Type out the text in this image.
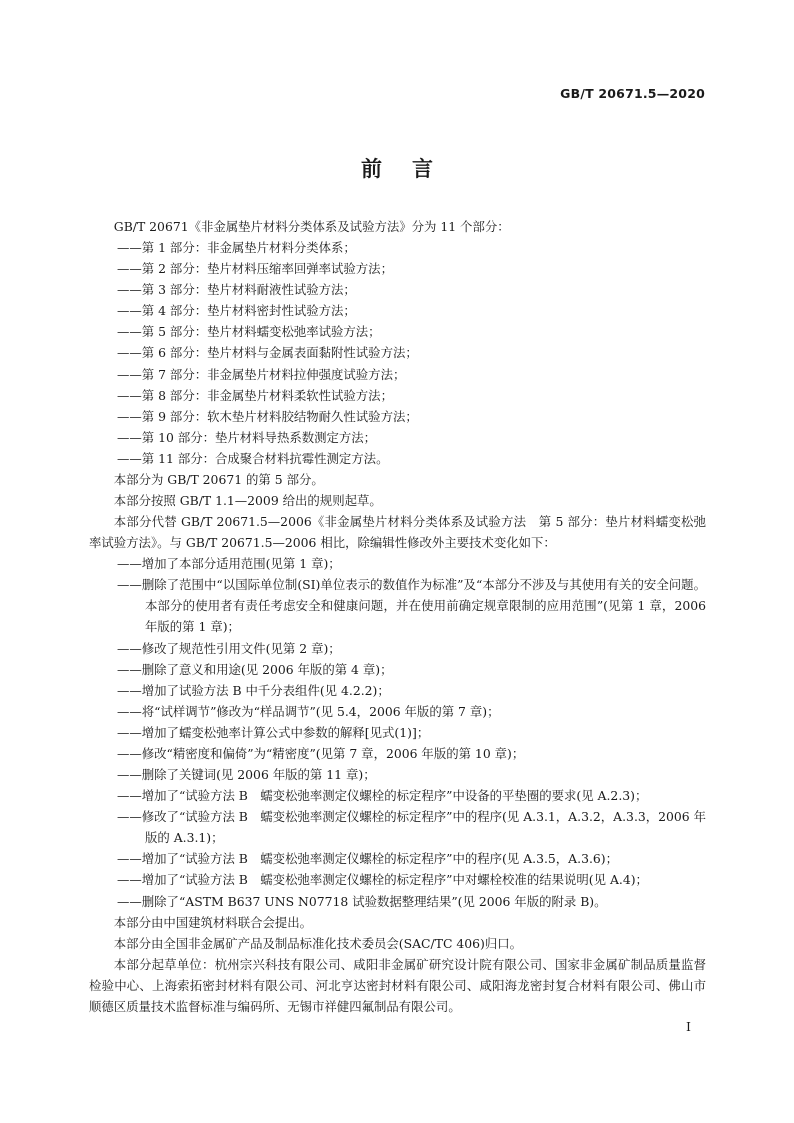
GB/T 20671.5—2020
前言

GB/T 20671《非金属垫片材料分类体系及试验方法》分为 11 个部分：

——第 1 部分：非金属垫片材料分类体系；

——第 2 部分：垫片材料压缩率回弹率试验方法；

——第 3 部分：垫片材料耐液性试验方法；

——第 4 部分：垫片材料密封性试验方法；

——第 5 部分：垫片材料蠕变松弛率试验方法；

——第 6 部分：垫片材料与金属表面黏附性试验方法；

——第 7 部分：非金属垫片材料拉伸强度试验方法；

——第 8 部分：非金属垫片材料柔软性试验方法；

——第 9 部分：软木垫片材料胶结物耐久性试验方法；

——第 10 部分：垫片材料导热系数测定方法；

——第 11 部分：合成聚合材料抗霉性测定方法。

本部分为 GB/T 20671 的第 5 部分。

本部分按照 GB/T 1.1—2009 给出的规则起草。

本部分代替 GB/T 20671.5—2006《非金属垫片材料分类体系及试验方法　第 5 部分：垫片材料蠕变松弛率试验方法》。与 GB/T 20671.5—2006 相比，除编辑性修改外主要技术变化如下：

——增加了本部分适用范围(见第 1 章)；

——删除了范围中“以国际单位制(SI)单位表示的数值作为标准”及“本部分不涉及与其使用有关的安全问题。本部分的使用者有责任考虑安全和健康问题，并在使用前确定规章限制的应用范围”(见第 1 章，2006 年版的第 1 章)；

——修改了规范性引用文件(见第 2 章)；

——删除了意义和用途(见 2006 年版的第 4 章)；

——增加了试验方法 B 中千分表组件(见 4.2.2)；

——将“试样调节”修改为“样品调节”(见 5.4，2006 年版的第 7 章)；

——增加了蠕变松弛率计算公式中参数的解释[见式(1)]；

——修改“精密度和偏倚”为“精密度”(见第 7 章，2006 年版的第 10 章)；

——删除了关键词(见 2006 年版的第 11 章)；

——增加了“试验方法 B　蠕变松弛率测定仪螺栓的标定程序”中设备的平垫圈的要求(见 A.2.3)；

——修改了“试验方法 B　蠕变松弛率测定仪螺栓的标定程序”中的程序(见 A.3.1，A.3.2，A.3.3，2006 年版的 A.3.1)；

——增加了“试验方法 B　蠕变松弛率测定仪螺栓的标定程序”中的程序(见 A.3.5，A.3.6)；

——增加了“试验方法 B　蠕变松弛率测定仪螺栓的标定程序”中对螺栓校准的结果说明(见 A.4)；

——删除了“ASTM B637 UNS N07718 试验数据整理结果”(见 2006 年版的附录 B)。

本部分由中国建筑材料联合会提出。

本部分由全国非金属矿产品及制品标准化技术委员会(SAC/TC 406)归口。

本部分起草单位：杭州宗兴科技有限公司、咸阳非金属矿研究设计院有限公司、国家非金属矿制品质量监督检验中心、上海索拓密封材料有限公司、河北亨达密封材料有限公司、咸阳海龙密封复合材料有限公司、佛山市顺德区质量技术监督标准与编码所、无锡市祥健四氟制品有限公司。

I
